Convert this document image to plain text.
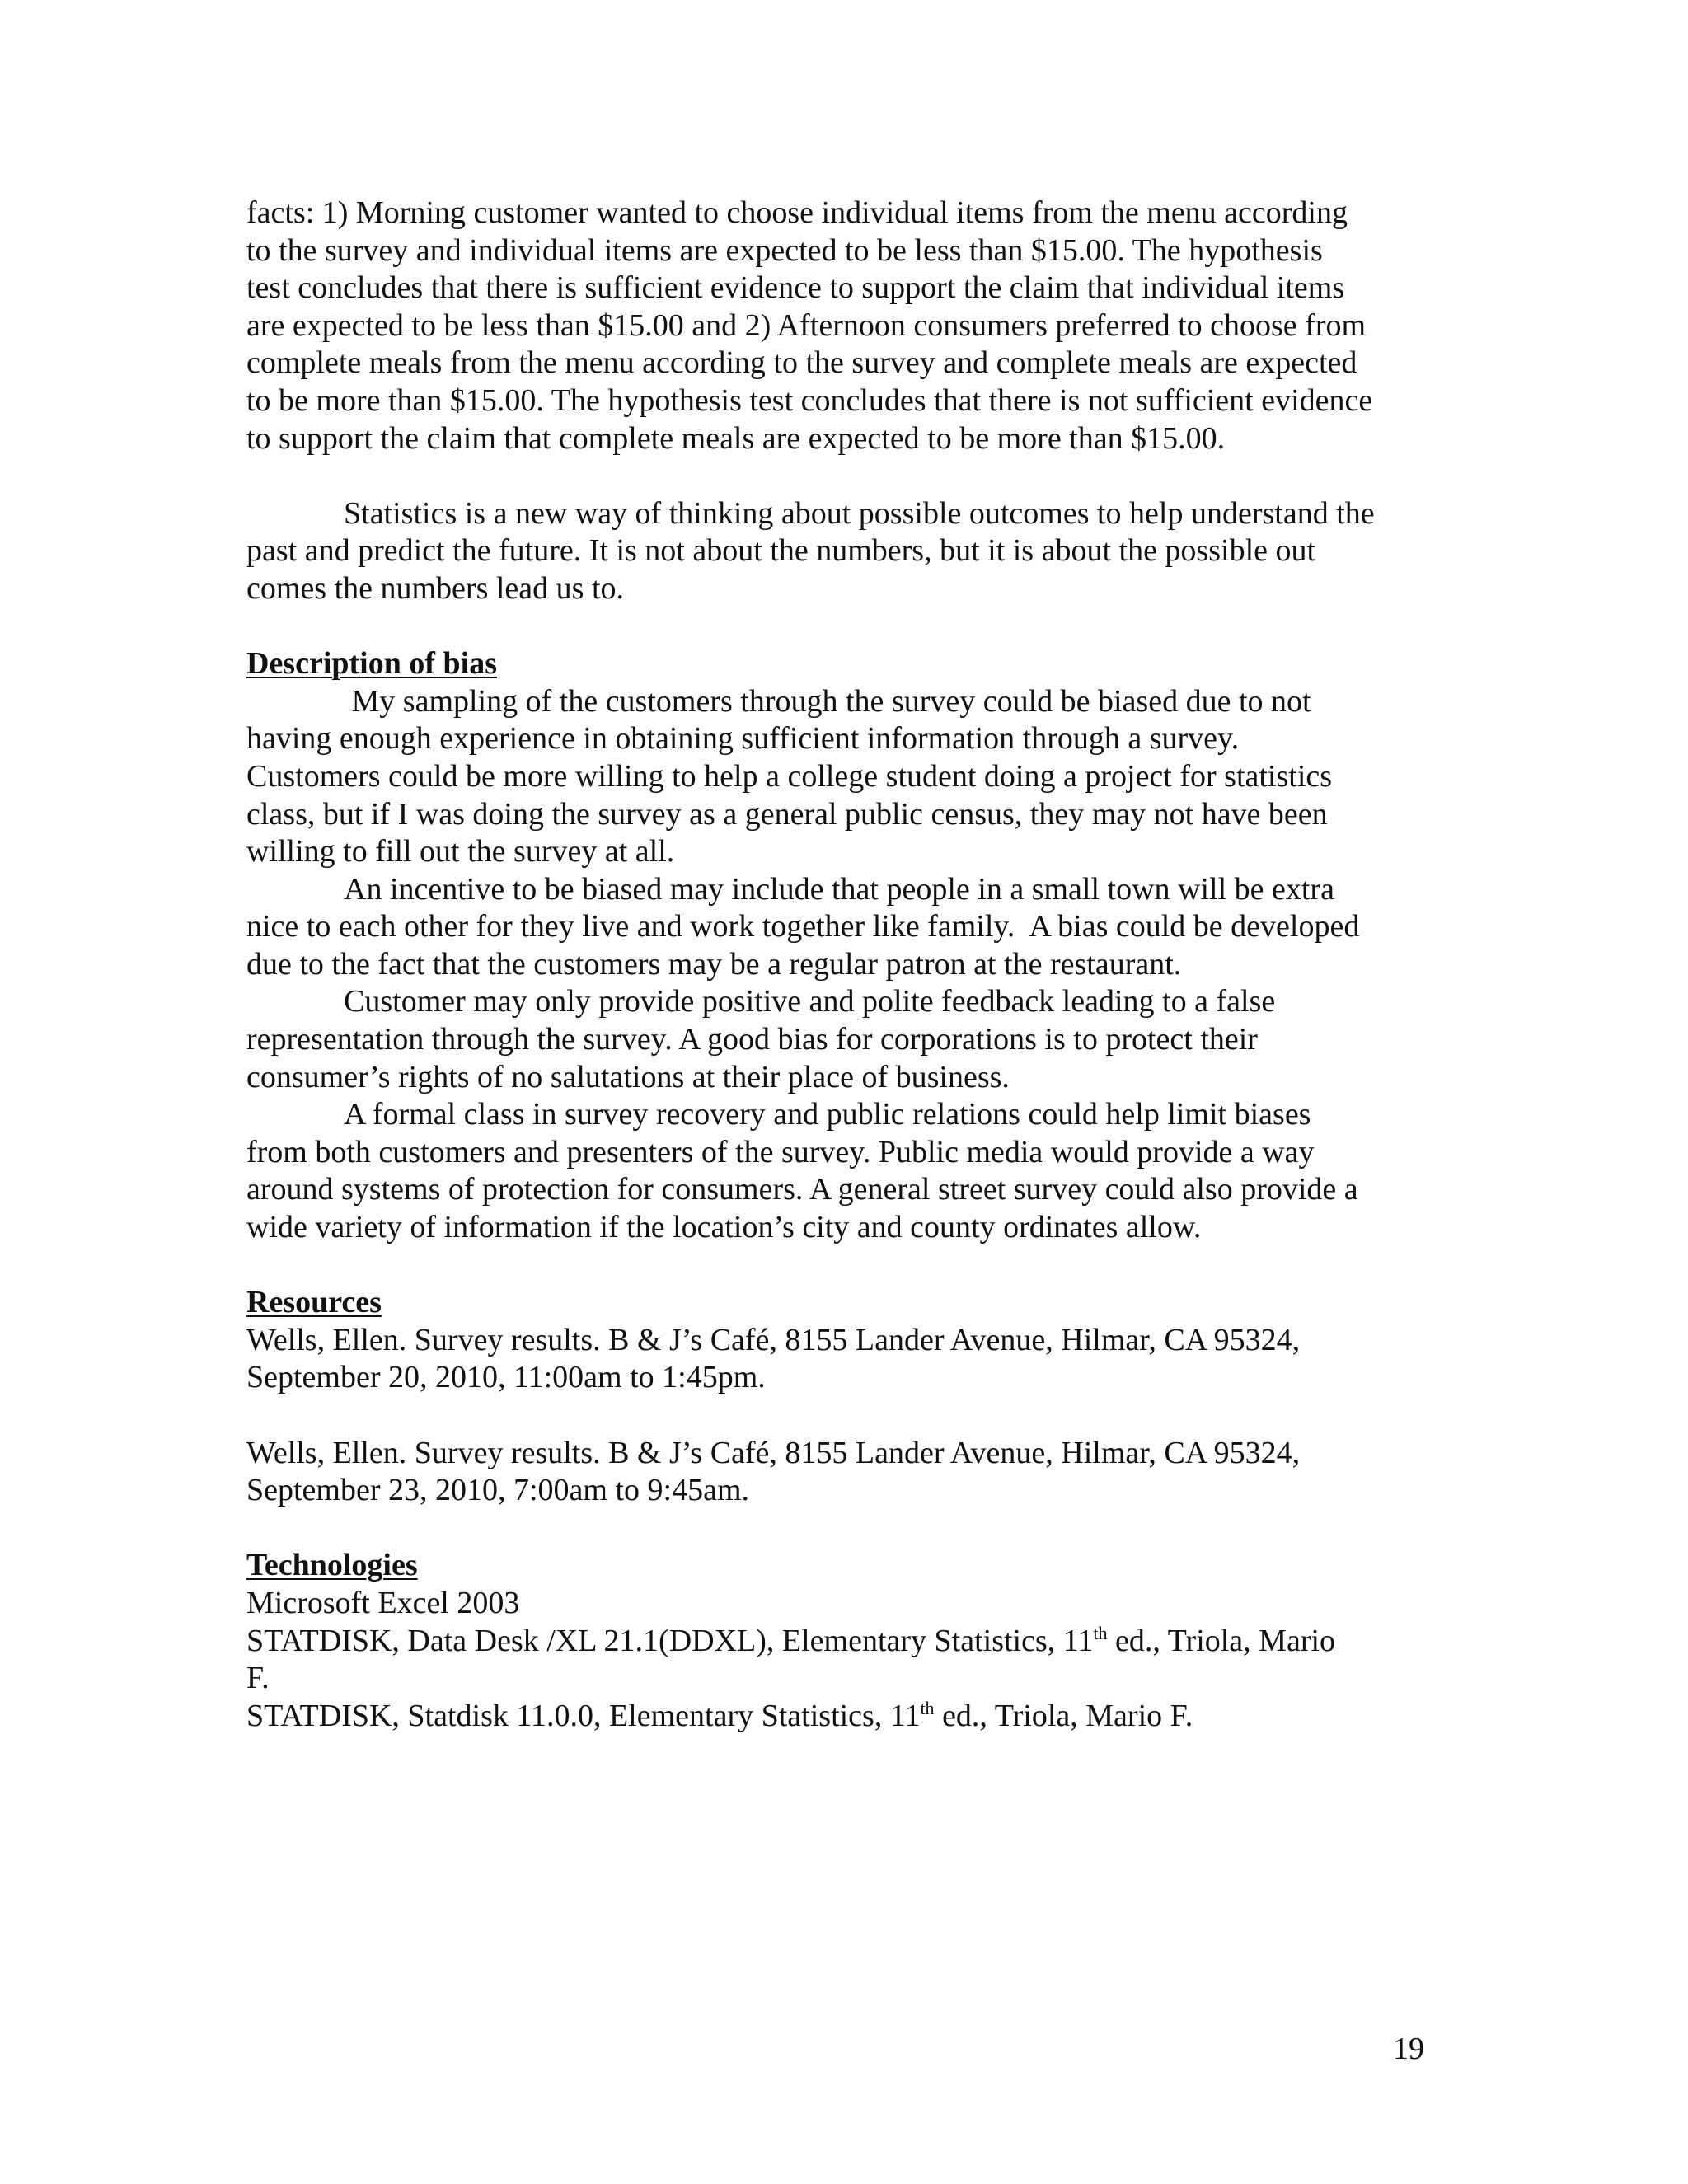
facts: 1) Morning customer wanted to choose individual items from the menu according
to the survey and individual items are expected to be less than $15.00. The hypothesis
test concludes that there is sufficient evidence to support the claim that individual items
are expected to be less than $15.00 and 2) Afternoon consumers preferred to choose from
complete meals from the menu according to the survey and complete meals are expected
to be more than $15.00. The hypothesis test concludes that there is not sufficient evidence
to support the claim that complete meals are expected to be more than $15.00.

Statistics is a new way of thinking about possible outcomes to help understand the
past and predict the future. It is not about the numbers, but it is about the possible out
comes the numbers lead us to.

Description of bias

My sampling of the customers through the survey could be biased due to not
having enough experience in obtaining sufficient information through a survey.
Customers could be more willing to help a college student doing a project for statistics
class, but if I was doing the survey as a general public census, they may not have been
willing to fill out the survey at all.

An incentive to be biased may include that people in a small town will be extra
nice to each other for they live and work together like family.  A bias could be developed
due to the fact that the customers may be a regular patron at the restaurant.

Customer may only provide positive and polite feedback leading to a false
representation through the survey. A good bias for corporations is to protect their
consumer’s rights of no salutations at their place of business.

A formal class in survey recovery and public relations could help limit biases
from both customers and presenters of the survey. Public media would provide a way
around systems of protection for consumers. A general street survey could also provide a
wide variety of information if the location’s city and county ordinates allow.

Resources

Wells, Ellen. Survey results. B & J’s Café, 8155 Lander Avenue, Hilmar, CA 95324,
September 20, 2010, 11:00am to 1:45pm.

Wells, Ellen. Survey results. B & J’s Café, 8155 Lander Avenue, Hilmar, CA 95324,
September 23, 2010, 7:00am to 9:45am.

Technologies

Microsoft Excel 2003
STATDISK, Data Desk /XL 21.1(DDXL), Elementary Statistics, 11th ed., Triola, Mario
F.
STATDISK, Statdisk 11.0.0, Elementary Statistics, 11th ed., Triola, Mario F.

19
